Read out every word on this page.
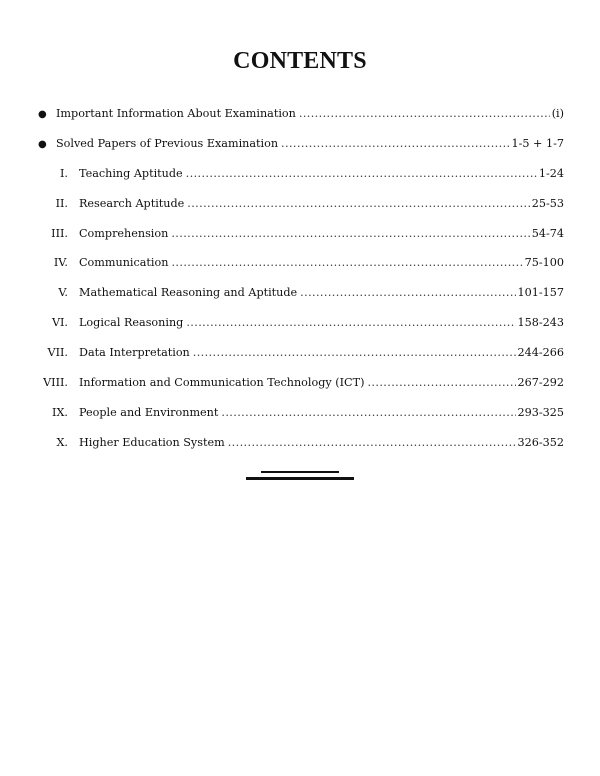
CONTENTS
● Important Information About Examination .....	(i)
● Solved Papers of Previous Examination .....	1-5 + 1-7
I. Teaching Aptitude .....	1-24
II. Research Aptitude .....	25-53
III. Comprehension .....	54-74
IV. Communication .....	75-100
V. Mathematical Reasoning and Aptitude .....	101-157
VI. Logical Reasoning .....	158-243
VII. Data Interpretation .....	244-266
VIII. Information and Communication Technology (ICT) .....	267-292
IX. People and Environment .....	293-325
X. Higher Education System .....	326-352
